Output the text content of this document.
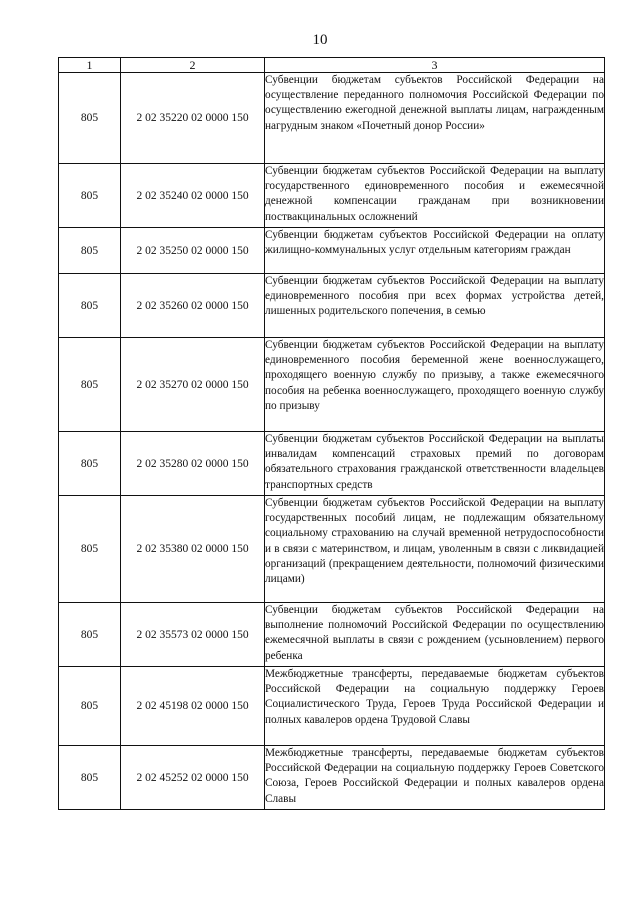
10
1	2	3
805	2 02 35220 02 0000 150	Субвенции бюджетам субъектов Российской Федерации на осуществление переданного полномочия Российской Федерации по осуществлению ежегодной денежной выплаты лицам, награжденным нагрудным знаком «Почетный донор России»
805	2 02 35240 02 0000 150	Субвенции бюджетам субъектов Российской Федерации на выплату государственного единовременного пособия и ежемесячной денежной компенсации гражданам при возникновении поствакцинальных осложнений
805	2 02 35250 02 0000 150	Субвенции бюджетам субъектов Российской Федерации на оплату жилищно-коммунальных услуг отдельным категориям граждан
805	2 02 35260 02 0000 150	Субвенции бюджетам субъектов Российской Федерации на выплату единовременного пособия при всех формах устройства детей, лишенных родительского попечения, в семью
805	2 02 35270 02 0000 150	Субвенции бюджетам субъектов Российской Федерации на выплату единовременного пособия беременной жене военнослужащего, проходящего военную службу по призыву, а также ежемесячного пособия на ребенка военнослужащего, проходящего военную службу по призыву
805	2 02 35280 02 0000 150	Субвенции бюджетам субъектов Российской Федерации на выплаты инвалидам компенсаций страховых премий по договорам обязательного страхования гражданской ответственности владельцев транспортных средств
805	2 02 35380 02 0000 150	Субвенции бюджетам субъектов Российской Федерации на выплату государственных пособий лицам, не подлежащим обязательному социальному страхованию на случай временной нетрудоспособности и в связи с материнством, и лицам, уволенным в связи с ликвидацией организаций (прекращением деятельности, полномочий физическими лицами)
805	2 02 35573 02 0000 150	Субвенции бюджетам субъектов Российской Федерации на выполнение полномочий Российской Федерации по осуществлению ежемесячной выплаты в связи с рождением (усыновлением) первого ребенка
805	2 02 45198 02 0000 150	Межбюджетные трансферты, передаваемые бюджетам субъектов Российской Федерации на социальную поддержку Героев Социалистического Труда, Героев Труда Российской Федерации и полных кавалеров ордена Трудовой Славы
805	2 02 45252 02 0000 150	Межбюджетные трансферты, передаваемые бюджетам субъектов Российской Федерации на социальную поддержку Героев Советского Союза, Героев Российской Федерации и полных кавалеров ордена Славы
